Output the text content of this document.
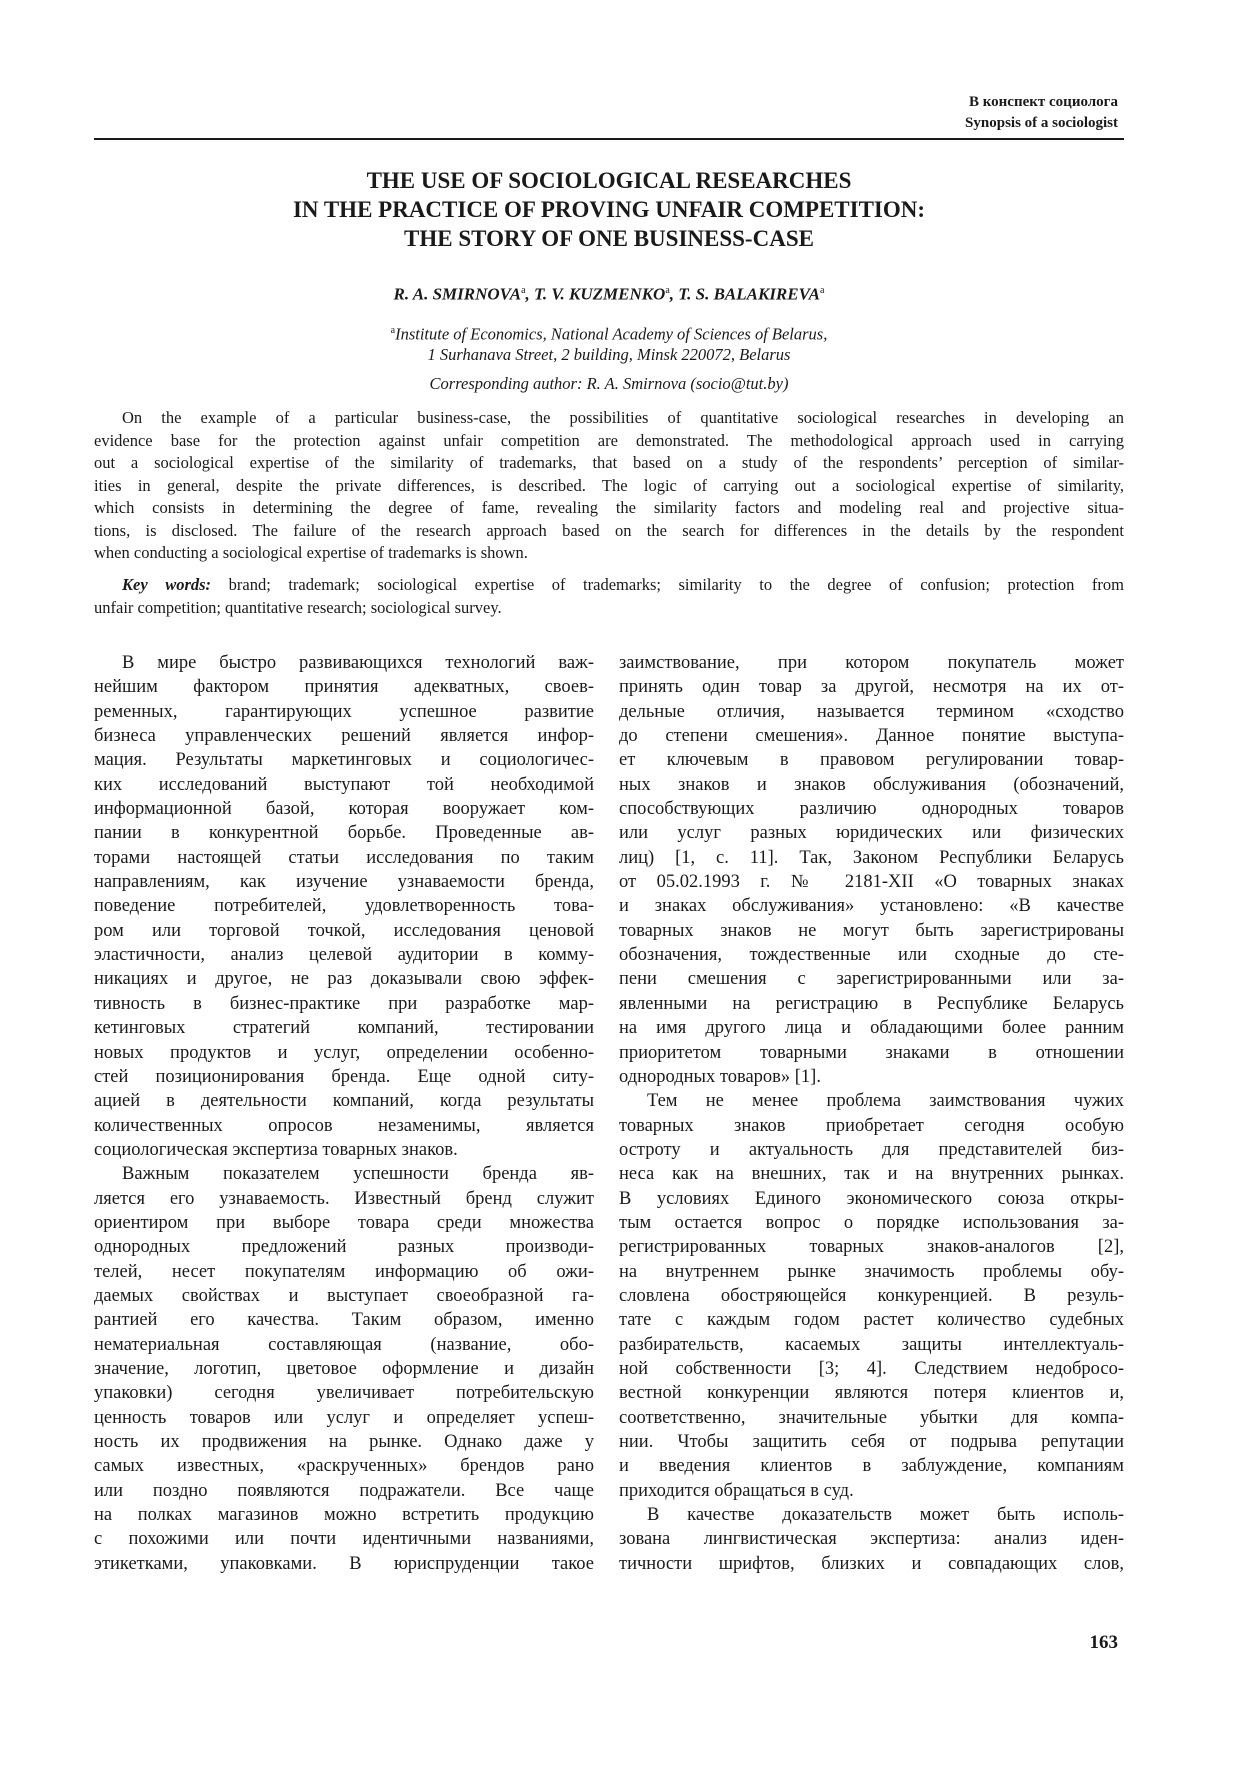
В конспект социолога
Synopsis of a sociologist
THE USE OF SOCIOLOGICAL RESEARCHES
IN THE PRACTICE OF PROVING UNFAIR COMPETITION:
THE STORY OF ONE BUSINESS-CASE
R. A. SMIRNOVA$^a$, T. V. KUZMENKO$^a$, T. S. BALAKIREVA$^a$
$^a$Institute of Economics, National Academy of Sciences of Belarus,
1 Surhanava Street, 2 building, Minsk 220072, Belarus
Corresponding author: R. A. Smirnova (socio@tut.by)
On the example of a particular business-case, the possibilities of quantitative sociological researches in developing an
evidence base for the protection against unfair competition are demonstrated. The methodological approach used in carrying
out a sociological expertise of the similarity of trademarks, that based on a study of the respondents’ perception of similar-
ities in general, despite the private differences, is described. The logic of carrying out a sociological expertise of similarity,
which consists in determining the degree of fame, revealing the similarity factors and modeling real and projective situa-
tions, is disclosed. The failure of the research approach based on the search for differences in the details by the respondent
when conducting a sociological expertise of trademarks is shown.
Key words: brand; trademark; sociological expertise of trademarks; similarity to the degree of confusion; protection from
unfair competition; quantitative research; sociological survey.
В мире быстро развивающихся технологий важ-
нейшим фактором принятия адекватных, своев-
ременных, гарантирующих успешное развитие
бизнеса управленческих решений является инфор-
мация. Результаты маркетинговых и социологичес-
ких исследований выступают той необходимой
информационной базой, которая вооружает ком-
пании в конкурентной борьбе. Проведенные ав-
торами настоящей статьи исследования по таким
направлениям, как изучение узнаваемости бренда,
поведение потребителей, удовлетворенность това-
ром или торговой точкой, исследования ценовой
эластичности, анализ целевой аудитории в комму-
никациях и другое, не раз доказывали свою эффек-
тивность в бизнес-практике при разработке мар-
кетинговых стратегий компаний, тестировании
новых продуктов и услуг, определении особенно-
стей позиционирования бренда. Еще одной ситу-
ацией в деятельности компаний, когда результаты
количественных опросов незаменимы, является
социологическая экспертиза товарных знаков.
Важным показателем успешности бренда яв-
ляется его узнаваемость. Известный бренд служит
ориентиром при выборе товара среди множества
однородных предложений разных производи-
телей, несет покупателям информацию об ожи-
даемых свойствах и выступает своеобразной га-
рантией его качества. Таким образом, именно
нематериальная составляющая (название, обо-
значение, логотип, цветовое оформление и дизайн
упаковки) сегодня увеличивает потребительскую
ценность товаров или услуг и определяет успеш-
ность их продвижения на рынке. Однако даже у
самых известных, «раскрученных» брендов рано
или поздно появляются подражатели. Все чаще
на полках магазинов можно встретить продукцию
с похожими или почти идентичными названиями,
этикетками, упаковками. В юриспруденции такое
заимствование, при котором покупатель может
принять один товар за другой, несмотря на их от-
дельные отличия, называется термином «сходство
до степени смешения». Данное понятие выступа-
ет ключевым в правовом регулировании товар-
ных знаков и знаков обслуживания (обозначений,
способствующих различию однородных товаров
или услуг разных юридических или физических
лиц) [1, с. 11]. Так, Законом Республики Беларусь
от 05.02.1993 г. № 2181-XII «О товарных знаках
и знаках обслуживания» установлено: «В качестве
товарных знаков не могут быть зарегистрированы
обозначения, тождественные или сходные до сте-
пени смешения с зарегистрированными или за-
явленными на регистрацию в Республике Беларусь
на имя другого лица и обладающими более ранним
приоритетом товарными знаками в отношении
однородных товаров» [1].
Тем не менее проблема заимствования чужих
товарных знаков приобретает сегодня особую
остроту и актуальность для представителей биз-
неса как на внешних, так и на внутренних рынках.
В условиях Единого экономического союза откры-
тым остается вопрос о порядке использования за-
регистрированных товарных знаков-аналогов [2],
на внутреннем рынке значимость проблемы обу-
словлена обостряющейся конкуренцией. В резуль-
тате с каждым годом растет количество судебных
разбирательств, касаемых защиты интеллектуаль-
ной собственности [3; 4]. Следствием недобросо-
вестной конкуренции являются потеря клиентов и,
соответственно, значительные убытки для компа-
нии. Чтобы защитить себя от подрыва репутации
и введения клиентов в заблуждение, компаниям
приходится обращаться в суд.
В качестве доказательств может быть исполь-
зована лингвистическая экспертиза: анализ иден-
тичности шрифтов, близких и совпадающих слов,
163
